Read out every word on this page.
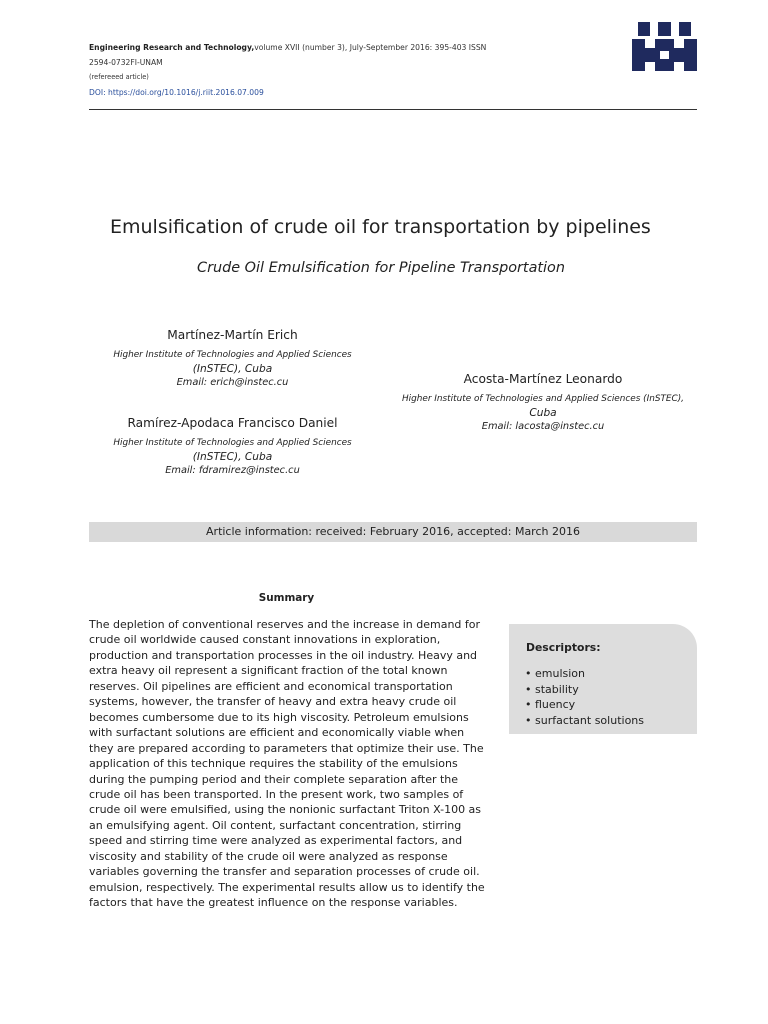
Engineering Research and Technology,volume XVII (number 3), July-September 2016: 395-403 ISSN
2594-0732FI-UNAM
(refereeed article)
DOI: https://doi.org/10.1016/j.riit.2016.07.009
Emulsification of crude oil for transportation by pipelines
Crude Oil Emulsification for Pipeline Transportation
Martínez-Martín Erich
Higher Institute of Technologies and Applied Sciences
(InSTEC), Cuba
Email: erich@instec.cu	Acosta-Martínez Leonardo
Higher Institute of Technologies and Applied Sciences (InSTEC),
Cuba
Email: lacosta@instec.cu
Ramírez-Apodaca Francisco Daniel
Higher Institute of Technologies and Applied Sciences
(InSTEC), Cuba
Email: fdramirez@instec.cu
Article information: received: February 2016, accepted: March 2016
Summary

The depletion of conventional reserves and the increase in demand for crude oil worldwide caused constant innovations in exploration, production and transportation processes in the oil industry. Heavy and extra heavy oil represent a significant fraction of the total known reserves. Oil pipelines are efficient and economical transportation systems, however, the transfer of heavy and extra heavy crude oil becomes cumbersome due to its high viscosity. Petroleum emulsions with surfactant solutions are efficient and economically viable when they are prepared according to parameters that optimize their use. The application of this technique requires the stability of the emulsions during the pumping period and their complete separation after the crude oil has been transported. In the present work, two samples of crude oil were emulsified, using the nonionic surfactant Triton X-100 as an emulsifying agent. Oil content, surfactant concentration, stirring speed and stirring time were analyzed as experimental factors, and viscosity and stability of the crude oil were analyzed as response variables governing the transfer and separation processes of crude oil. emulsion, respectively. The experimental results allow us to identify the factors that have the greatest influence on the response variables.

Descriptors:
• emulsion
• stability
• fluency
• surfactant solutions
